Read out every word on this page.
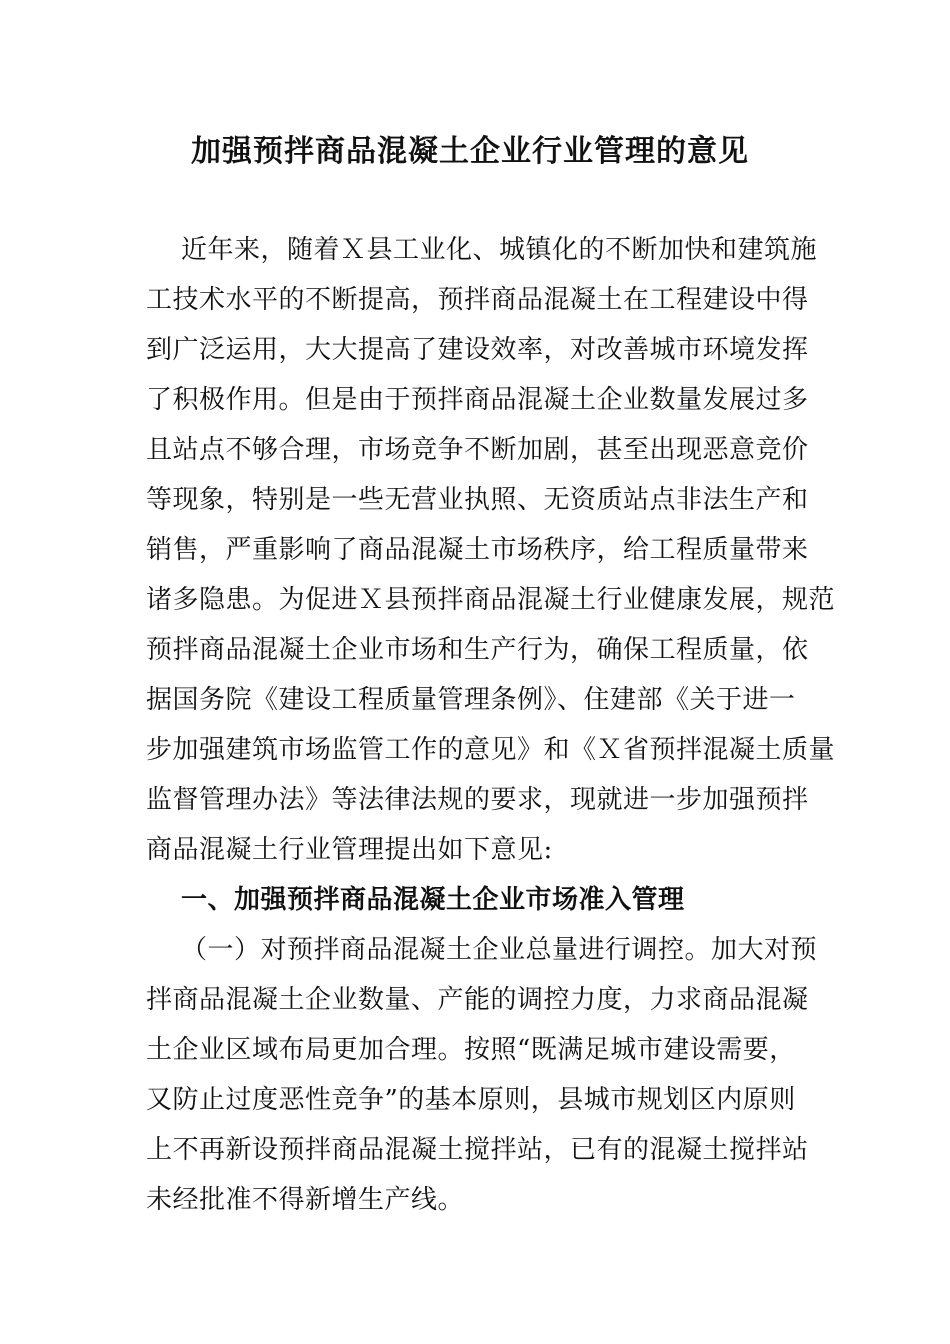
加强预拌商品混凝土企业行业管理的意见
近年来，随着Ｘ县工业化、城镇化的不断加快和建筑施
工技术水平的不断提高，预拌商品混凝土在工程建设中得
到广泛运用，大大提高了建设效率，对改善城市环境发挥
了积极作用。但是由于预拌商品混凝土企业数量发展过多
且站点不够合理，市场竞争不断加剧，甚至出现恶意竞价
等现象，特别是一些无营业执照、无资质站点非法生产和
销售，严重影响了商品混凝土市场秩序，给工程质量带来
诸多隐患。为促进Ｘ县预拌商品混凝土行业健康发展，规范
预拌商品混凝土企业市场和生产行为，确保工程质量，依
据国务院《建设工程质量管理条例》、住建部《关于进一
步加强建筑市场监管工作的意见》和《Ｘ省预拌混凝土质量
监督管理办法》等法律法规的要求，现就进一步加强预拌
商品混凝土行业管理提出如下意见:
一、加强预拌商品混凝土企业市场准入管理
（一）对预拌商品混凝土企业总量进行调控。加大对预
拌商品混凝土企业数量、产能的调控力度，力求商品混凝
土企业区域布局更加合理。按照“既满足城市建设需要，
又防止过度恶性竞争”的基本原则，县城市规划区内原则
上不再新设预拌商品混凝土搅拌站，已有的混凝土搅拌站
未经批准不得新增生产线。
